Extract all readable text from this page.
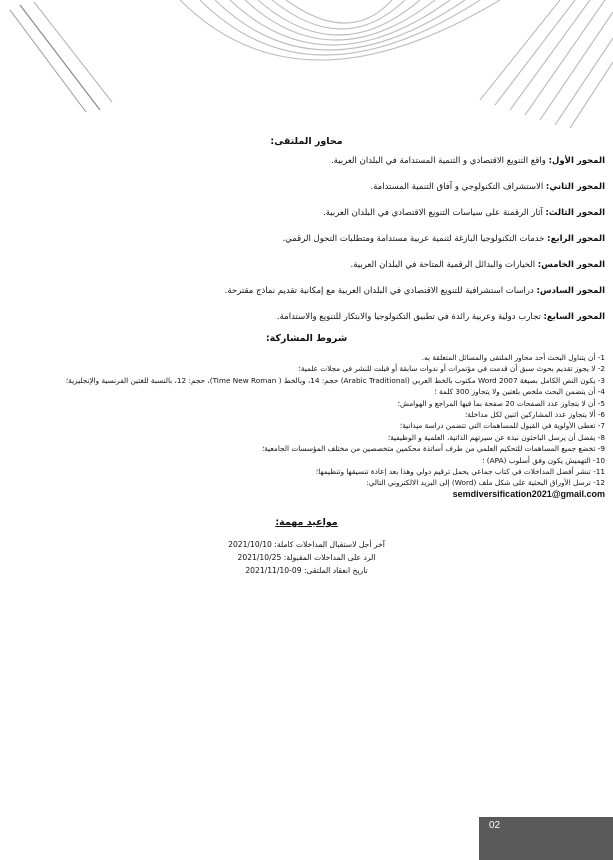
محاور الملتقى:

المحور الأول: واقع التنويع الاقتصادي و التنمية المستدامة في البلدان العربية.

المحور الثاني: الاستشراف التكنولوجي و آفاق التنمية المستدامة.

المحور الثالث: آثار الرقمنة على سياسات التنويع الاقتصادي في البلدان العربية.

المحور الرابع: خدمات التكنولوجيا البازغة لتنمية عربية مستدامة ومتطلبات التحول الرقمي.

المحور الخامس: الخيارات والبدائل الرقمية المتاحة في البلدان العربية.

المحور السادس: دراسات استشرافية للتنويع الاقتصادي في البلدان العربية مع إمكانية تقديم نماذج مقترحة.

المحور السابع: تجارب دولية وعربية رائدة في تطبيق التكنولوجيا والابتكار للتنويع والاستدامة.

شروط المشاركة:

1- أن يتناول البحث أحد محاور الملتقى والمسائل المتعلقة به.

2- لا يجوز تقديم بحوث سبق أن قدمت في مؤتمرات أو ندوات سابقة أو قبلت للنشر في مجلات علمية؛

3- يكون النص الكامل بصيغة Word 2007 مكتوب بالخط العربي (Arabic Traditional) حجم: 14، وبالخط ( Time New Roman)، حجم: 12، بالنسبة للغتين الفرنسية والإنجليزية؛

4- أن يتضمن البحث ملخص بلغتين ولا يتجاوز 300 كلمة ؛

5- أن لا يتجاوز عدد الصفحات 20 صفحة بما فيها المراجع و الهوامش؛

6- ألا يتجاوز عدد المشاركين اثنين لكل مداخلة؛

7- تعطى الأولوية في القبول للمساهمات التي تتضمن دراسة ميدانية؛

8- يفضل أن يرسل الباحثون نبذة عن سيرتهم الذاتية، العلمية و الوظيفية؛

9- تخضع جميع المساهمات للتحكيم العلمي من طرف أساتذة محكمين متخصصين من مختلف المؤسسات الجامعية؛

10- التهميش يكون وفق أسلوب (APA) ؛

11- تنشر أفضل المداخلات في كتاب جماعي يحمل ترقيم دولي وهذا بعد إعادة تنسيقها وتنظيمها؛

12- ترسل الأوراق البحثية على شكل ملف (Word) إلى البريد الالكتروني التالي:

semdiversification2021@gmail.com

مواعيد مهمة:

آخر أجل لاستقبال المداخلات كاملة: 2021/10/10

الرد على المداخلات المقبولة: 2021/10/25

تاريخ انعقاد الملتقى: 09-2021/11/10

02
